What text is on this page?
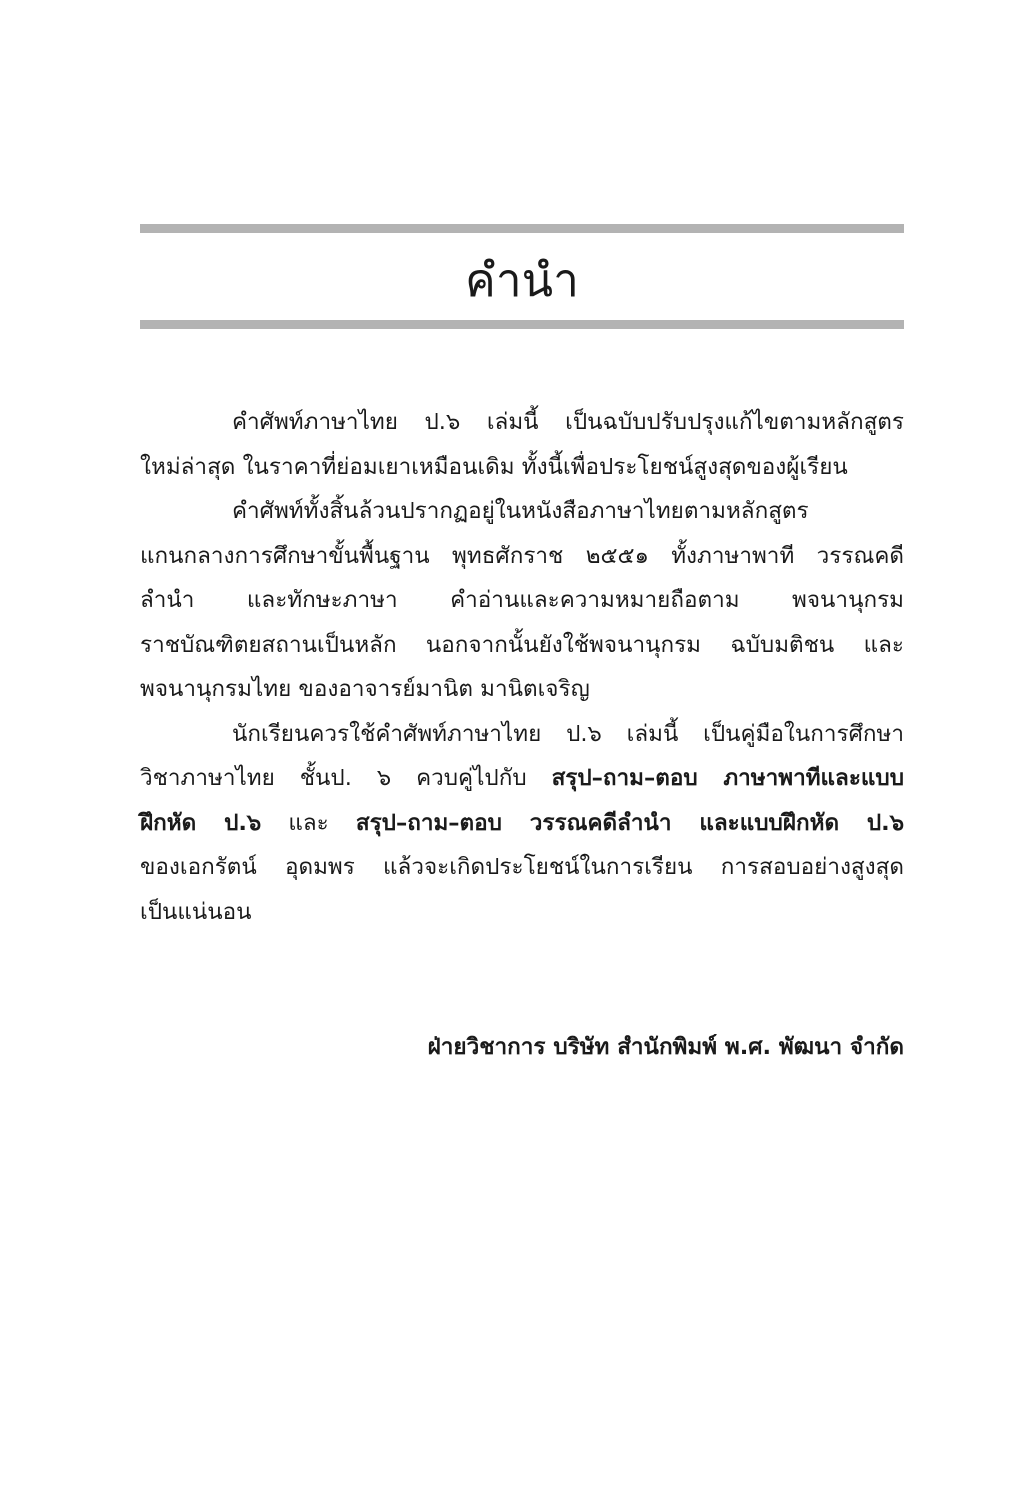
คำนำ
คำศัพท์ภาษาไทย ป.๖ เล่มนี้ เป็นฉบับปรับปรุงแก้ไขตามหลักสูตร
ใหม่ล่าสุด ในราคาที่ย่อมเยาเหมือนเดิม ทั้งนี้เพื่อประโยชน์สูงสุดของผู้เรียน
คำศัพท์ทั้งสิ้นล้วนปรากฏอยู่ในหนังสือภาษาไทยตามหลักสูตร
แกนกลางการศึกษาขั้นพื้นฐาน พุทธศักราช ๒๕๕๑ ทั้งภาษาพาที วรรณคดี
ลำนำ และทักษะภาษา คำอ่านและความหมายถือตาม พจนานุกรม
ราชบัณฑิตยสถานเป็นหลัก นอกจากนั้นยังใช้พจนานุกรม ฉบับมติชน และ
พจนานุกรมไทย ของอาจารย์มานิต มานิตเจริญ
นักเรียนควรใช้คำศัพท์ภาษาไทย ป.๖ เล่มนี้ เป็นคู่มือในการศึกษา
วิชาภาษาไทย ชั้นป. ๖ ควบคู่ไปกับ สรุป–ถาม–ตอบ ภาษาพาทีและแบบ
ฝึกหัด ป.๖ และ สรุป–ถาม–ตอบ วรรณคดีลำนำ และแบบฝึกหัด ป.๖
ของเอกรัตน์ อุดมพร แล้วจะเกิดประโยชน์ในการเรียน การสอบอย่างสูงสุด
เป็นแน่นอน
ฝ่ายวิชาการ บริษัท สำนักพิมพ์ พ.ศ. พัฒนา จำกัด
